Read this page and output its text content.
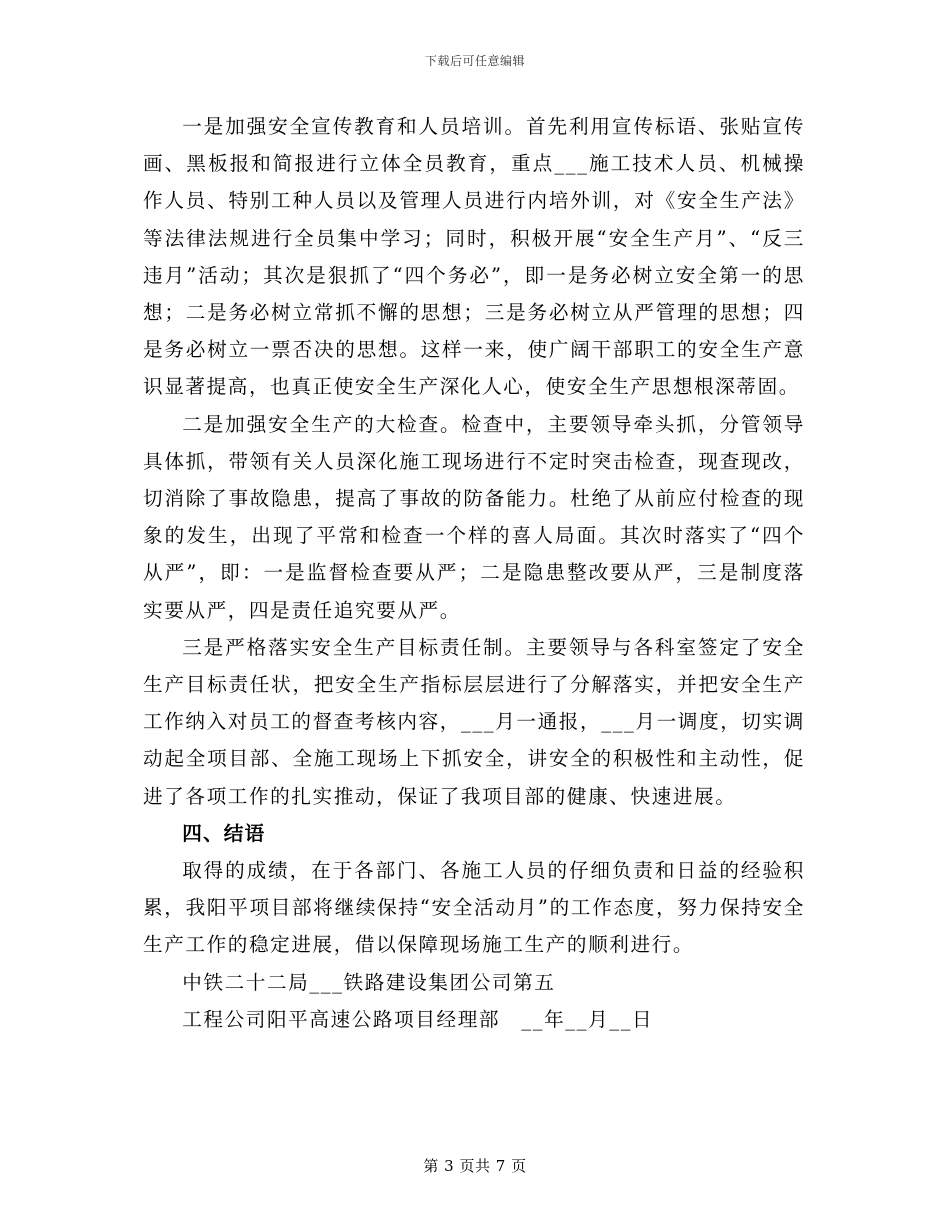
下载后可任意编辑

一是加强安全宣传教育和人员培训。首先利用宣传标语、张贴宣传画、黑板报和简报进行立体全员教育，重点___施工技术人员、机械操作人员、特别工种人员以及管理人员进行内培外训，对《安全生产法》等法律法规进行全员集中学习；同时，积极开展“安全生产月”、“反三违月”活动；其次是狠抓了“四个务必”，即一是务必树立安全第一的思想；二是务必树立常抓不懈的思想；三是务必树立从严管理的思想；四是务必树立一票否决的思想。这样一来，使广阔干部职工的安全生产意识显著提高，也真正使安全生产深化人心，使安全生产思想根深蒂固。

二是加强安全生产的大检查。检查中，主要领导牵头抓，分管领导具体抓，带领有关人员深化施工现场进行不定时突击检查，现查现改，切消除了事故隐患，提高了事故的防备能力。杜绝了从前应付检查的现象的发生，出现了平常和检查一个样的喜人局面。其次时落实了“四个从严”，即：一是监督检查要从严；二是隐患整改要从严，三是制度落实要从严，四是责任追究要从严。

三是严格落实安全生产目标责任制。主要领导与各科室签定了安全生产目标责任状，把安全生产指标层层进行了分解落实，并把安全生产工作纳入对员工的督查考核内容，___月一通报，___月一调度，切实调动起全项目部、全施工现场上下抓安全，讲安全的积极性和主动性，促进了各项工作的扎实推动，保证了我项目部的健康、快速进展。

四、结语

取得的成绩，在于各部门、各施工人员的仔细负责和日益的经验积累，我阳平项目部将继续保持“安全活动月”的工作态度，努力保持安全生产工作的稳定进展，借以保障现场施工生产的顺利进行。

中铁二十二局___铁路建设集团公司第五

工程公司阳平高速公路项目经理部　__年__月__日

第 3 页共 7 页
